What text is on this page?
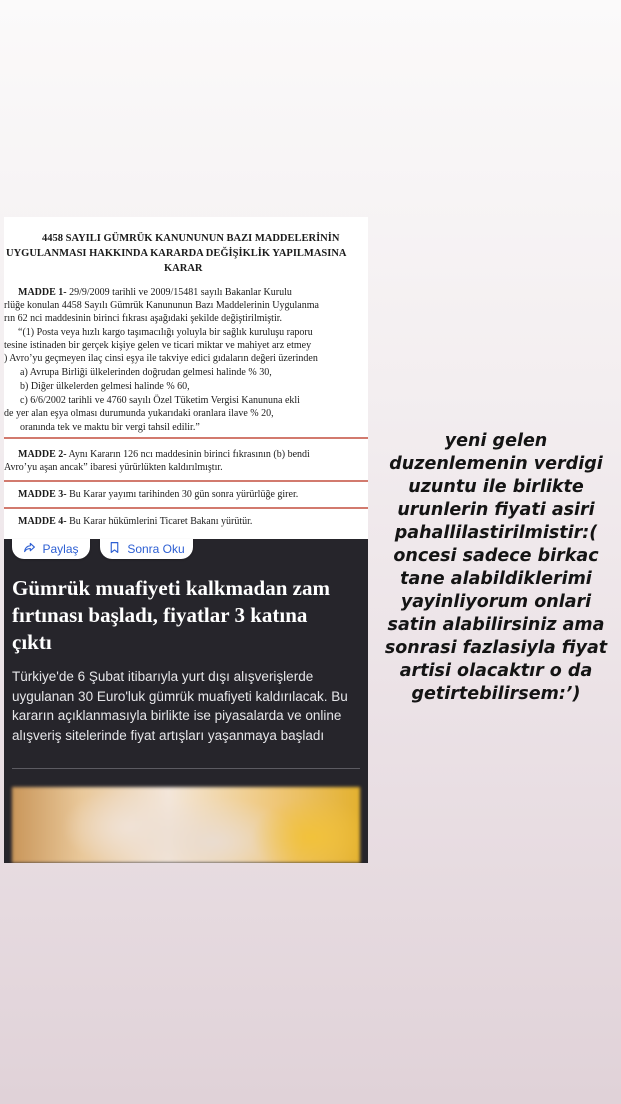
4458 SAYILI GÜMRÜK KANUNUNUN BAZI MADDELERİNİN
UYGULANMASI HAKKINDA KARARDA DEĞİŞİKLİK YAPILMASINA
KARAR
MADDE 1- 29/9/2009 tarihli ve 2009/15481 sayılı Bakanlar Kurulu
rlüğe konulan 4458 Sayılı Gümrük Kanununun Bazı Maddelerinin Uygulanma
rın 62 nci maddesinin birinci fıkrası aşağıdaki şekilde değiştirilmiştir.
“(1) Posta veya hızlı kargo taşımacılığı yoluyla bir sağlık kuruluşu raporu
tesine istinaden bir gerçek kişiye gelen ve ticari miktar ve mahiyet arz etmey
) Avro’yu geçmeyen ilaç cinsi eşya ile takviye edici gıdaların değeri üzerinden
a) Avrupa Birliği ülkelerinden doğrudan gelmesi halinde % 30,
b) Diğer ülkelerden gelmesi halinde % 60,
c) 6/6/2002 tarihli ve 4760 sayılı Özel Tüketim Vergisi Kanununa ekli
de yer alan eşya olması durumunda yukarıdaki oranlara ilave % 20,
oranında tek ve maktu bir vergi tahsil edilir.”
MADDE 2- Aynı Kararın 126 ncı maddesinin birinci fıkrasının (b) bendi
Avro’yu aşan ancak” ibaresi yürürlükten kaldırılmıştır.
MADDE 3- Bu Karar yayımı tarihinden 30 gün sonra yürürlüğe girer.
MADDE 4- Bu Karar hükümlerini Ticaret Bakanı yürütür.
Paylaş	Sonra Oku
Gümrük muafiyeti kalkmadan zam fırtınası başladı, fiyatlar 3 katına çıktı
Türkiye'de 6 Şubat itibarıyla yurt dışı alışverişlerde uygulanan 30 Euro'luk gümrük muafiyeti kaldırılacak. Bu kararın açıklanmasıyla birlikte ise piyasalarda ve online alışveriş sitelerinde fiyat artışları yaşanmaya başladı

yeni gelen duzenlemenin verdigi uzuntu ile birlikte urunlerin fiyati asiri pahallilastirilmistir:( oncesi sadece birkac tane alabildiklerimi yayinliyorum onlari satin alabilirsiniz ama sonrasi fazlasiyla fiyat artisi olacaktır o da getirtebilirsem:’)
